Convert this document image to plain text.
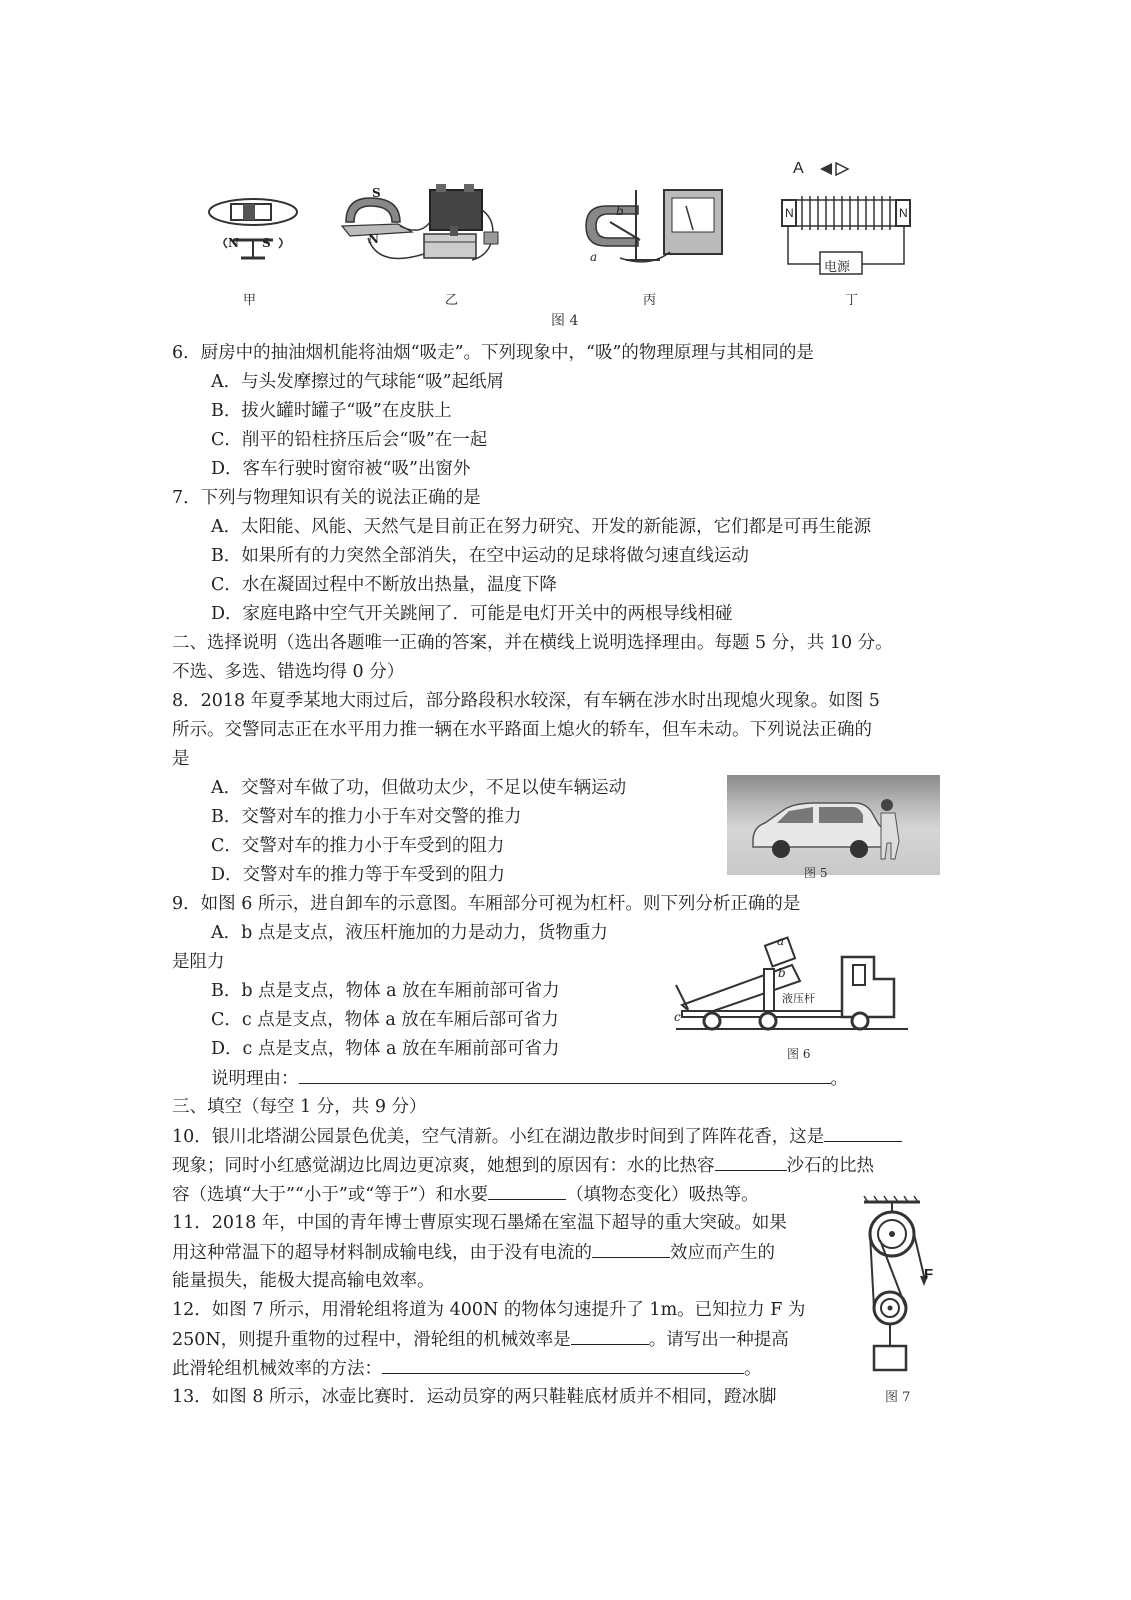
N S
S
N
b
a
A
N	N
电源
甲	乙	丙	丁
图 4
6．厨房中的抽油烟机能将油烟“吸走”。下列现象中，“吸”的物理原理与其相同的是
A．与头发摩擦过的气球能“吸”起纸屑
B．拔火罐时罐子“吸”在皮肤上
C．削平的铅柱挤压后会“吸”在一起
D．客车行驶时窗帘被“吸”出窗外
7．下列与物理知识有关的说法正确的是
A．太阳能、风能、天然气是目前正在努力研究、开发的新能源，它们都是可再生能源
B．如果所有的力突然全部消失，在空中运动的足球将做匀速直线运动
C．水在凝固过程中不断放出热量，温度下降
D．家庭电路中空气开关跳闸了．可能是电灯开关中的两根导线相碰
二、选择说明（选出各题唯一正确的答案，并在横线上说明选择理由。每题 5 分，共 10 分。
不选、多选、错选均得 0 分）
8．2018 年夏季某地大雨过后，部分路段积水较深，有车辆在涉水时出现熄火现象。如图 5
所示。交警同志正在水平用力推一辆在水平路面上熄火的轿车，但车未动。下列说法正确的
是
A．交警对车做了功，但做功太少，不足以使车辆运动
B．交警对车的推力小于车对交警的推力
C．交警对车的推力小于车受到的阻力
D．交警对车的推力等于车受到的阻力	图 5
9．如图 6 所示，进自卸车的示意图。车厢部分可视为杠杆。则下列分析正确的是
A．b 点是支点，液压杆施加的力是动力，货物重力
是阻力
B．b 点是支点，物体 a 放在车厢前部可省力
C．c 点是支点，物体 a 放在车厢后部可省力
D．c 点是支点，物体 a 放在车厢前部可省力
说明理由：	。
a
b
c
液压杆
图 6
三、填空（每空 1 分，共 9 分）
10．银川北塔湖公园景色优美，空气清新。小红在湖边散步时间到了阵阵花香，这是
现象；同时小红感觉湖边比周边更凉爽，她想到的原因有：水的比热容	沙石的比热
容（选填“大于”“小于”或“等于”）和水要	（填物态变化）吸热等。
11．2018 年，中国的青年博士曹原实现石墨烯在室温下超导的重大突破。如果
用这种常温下的超导材料制成输电线，由于没有电流的	效应而产生的
能量损失，能极大提高输电效率。
12．如图 7 所示，用滑轮组将道为 400N 的物体匀速提升了 1m。已知拉力 F 为
250N，则提升重物的过程中，滑轮组的机械效率是	。请写出一种提高
此滑轮组机械效率的方法：	。
F
图 7
13．如图 8 所示，冰壶比赛时．运动员穿的两只鞋鞋底材质并不相同，蹬冰脚
